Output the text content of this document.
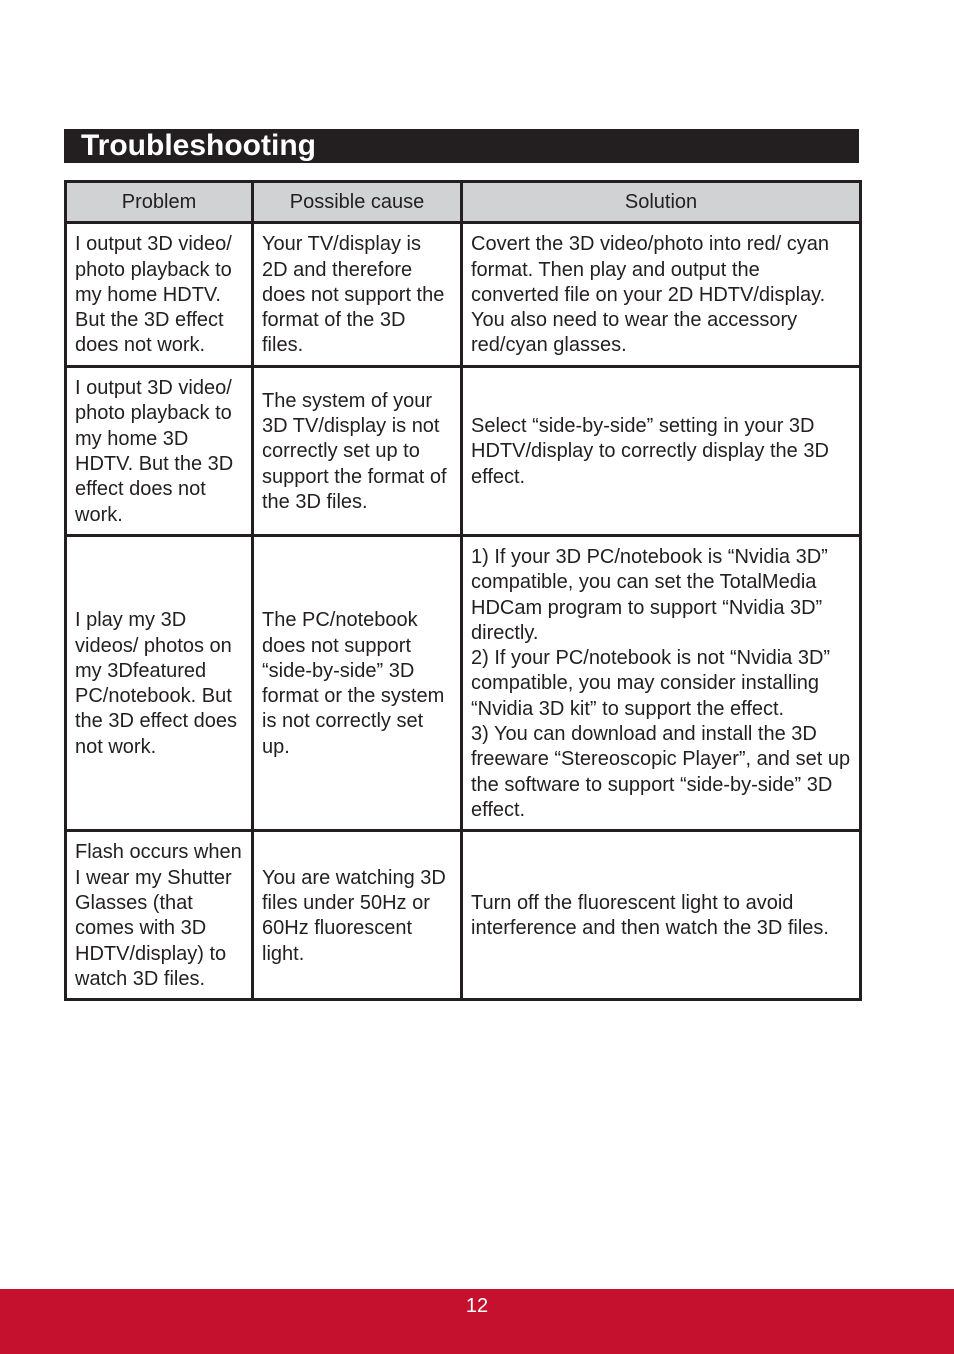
Troubleshooting
Problem	Possible cause	Solution
I output 3D video/ photo playback to my home HDTV. But the 3D effect does not work.	Your TV/display is 2D and therefore does not support the format of the 3D files.	Covert the 3D video/photo into red/ cyan format. Then play and output the converted file on your 2D HDTV/display. You also need to wear the accessory red/cyan glasses.
I output 3D video/ photo playback to my home 3D HDTV. But the 3D effect does not work.	The system of your 3D TV/display is not correctly set up to support the format of the 3D files.	Select “side-by-side” setting in your 3D HDTV/display to correctly display the 3D effect.
I play my 3D videos/ photos on my 3Dfeatured PC/notebook. But the 3D effect does not work.	The PC/notebook does not support “side-by-side” 3D format or the system is not correctly set up.	1) If your 3D PC/notebook is “Nvidia 3D” compatible, you can set the TotalMedia HDCam program to support “Nvidia 3D” directly.
2) If your PC/notebook is not “Nvidia 3D” compatible, you may consider installing “Nvidia 3D kit” to support the effect.
3) You can download and install the 3D freeware “Stereoscopic Player”, and set up the software to support “side-by-side” 3D effect.
Flash occurs when I wear my Shutter Glasses (that comes with 3D HDTV/display) to watch 3D files.	You are watching 3D files under 50Hz or 60Hz fluorescent light.	Turn off the fluorescent light to avoid interference and then watch the 3D files.
12
